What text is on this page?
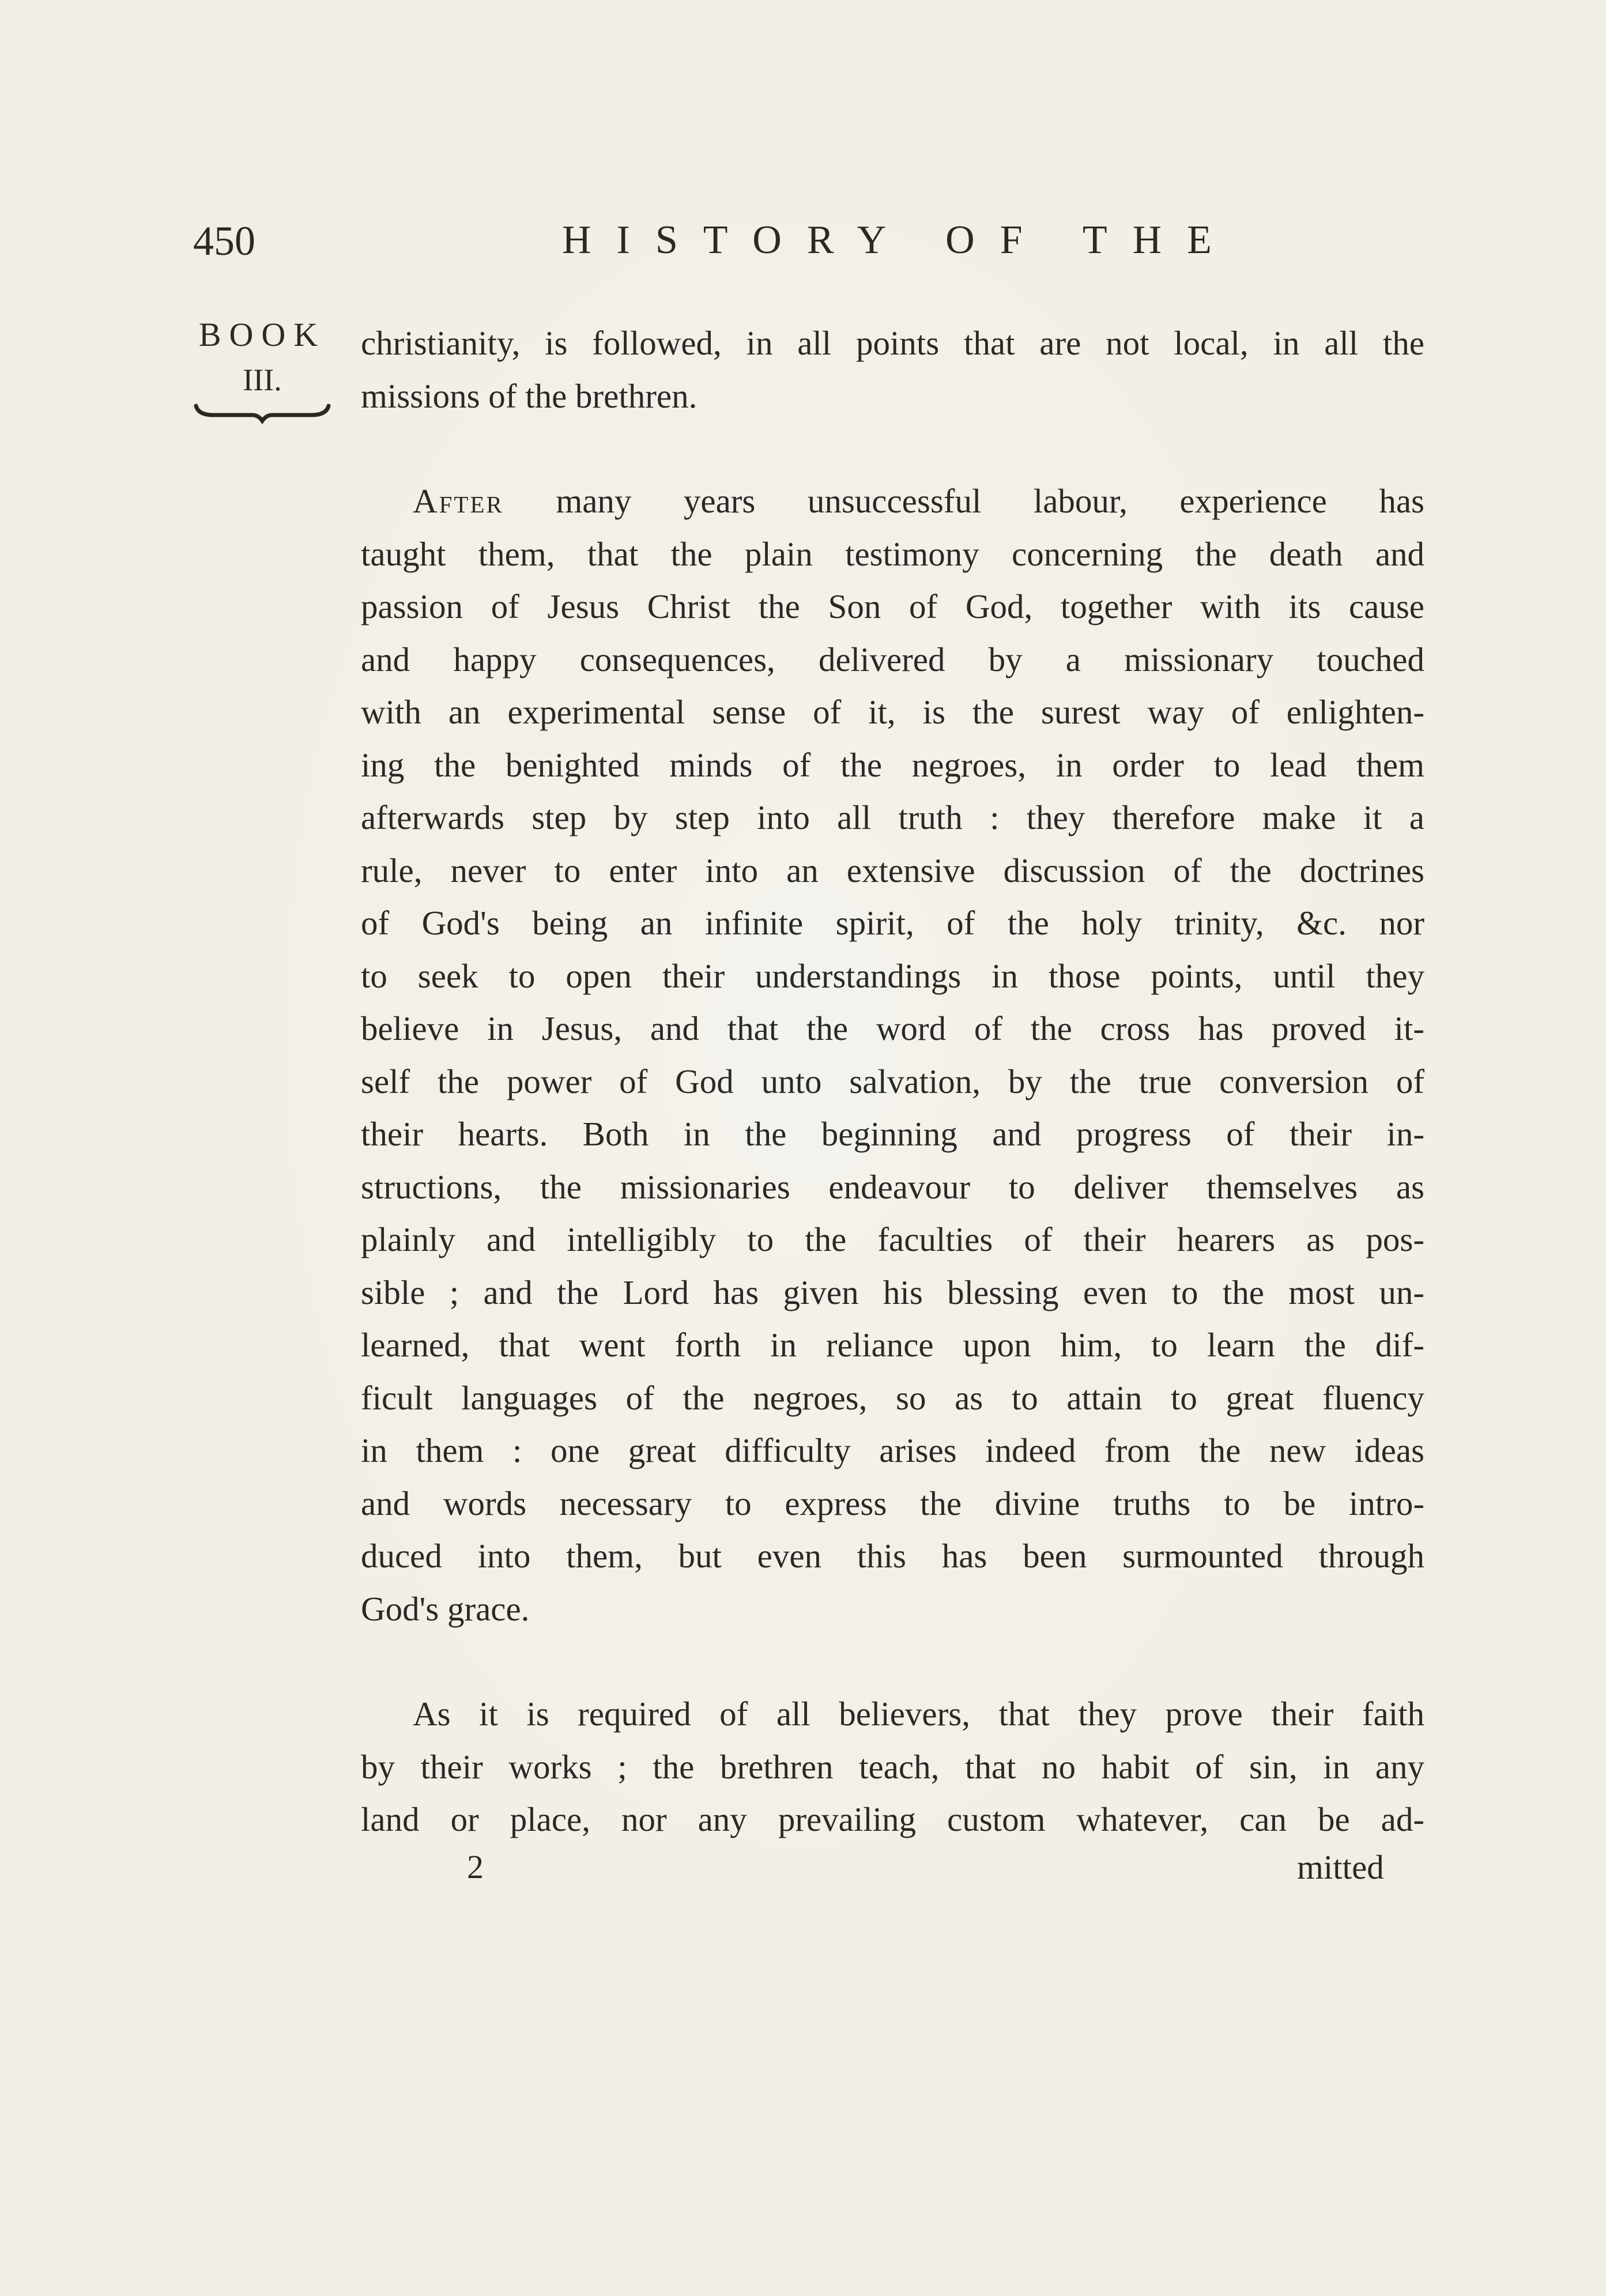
450	HISTORY OF THE
BOOK
III.
christianity, is followed, in all points that are not local, in all the
missions of the brethren.
After many years unsuccessful labour, experience has
taught them, that the plain testimony concerning the death and
passion of Jesus Christ the Son of God, together with its cause
and happy consequences, delivered by a missionary touched
with an experimental sense of it, is the surest way of enlighten-
ing the benighted minds of the negroes, in order to lead them
afterwards step by step into all truth : they therefore make it a
rule, never to enter into an extensive discussion of the doctrines
of God's being an infinite spirit, of the holy trinity, &c. nor
to seek to open their understandings in those points, until they
believe in Jesus, and that the word of the cross has proved it-
self the power of God unto salvation, by the true conversion of
their hearts. Both in the beginning and progress of their in-
structions, the missionaries endeavour to deliver themselves as
plainly and intelligibly to the faculties of their hearers as pos-
sible ; and the Lord has given his blessing even to the most un-
learned, that went forth in reliance upon him, to learn the dif-
ficult languages of the negroes, so as to attain to great fluency
in them : one great difficulty arises indeed from the new ideas
and words necessary to express the divine truths to be intro-
duced into them, but even this has been surmounted through
God's grace.
As it is required of all believers, that they prove their faith
by their works ; the brethren teach, that no habit of sin, in any
land or place, nor any prevailing custom whatever, can be ad-
2	mitted
